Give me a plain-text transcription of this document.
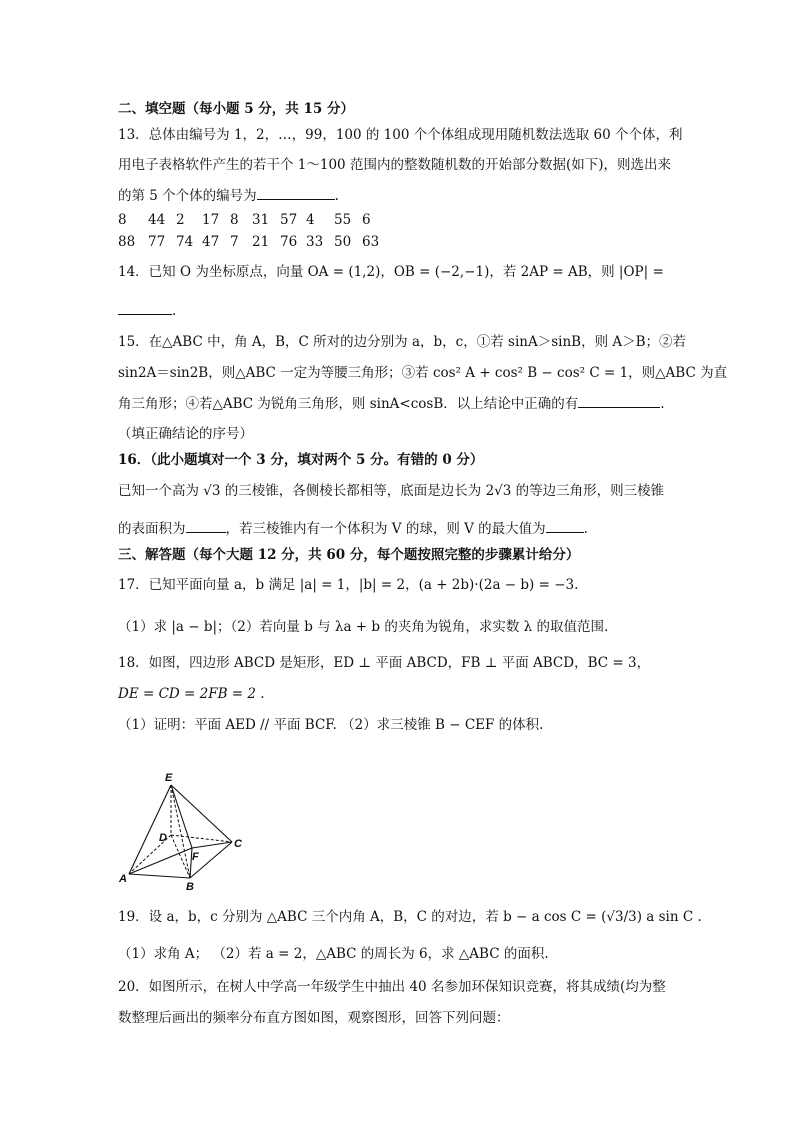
二、填空题（每小题 5 分，共 15 分）
13．总体由编号为 1，2，…，99，100 的 100 个个体组成现用随机数法选取 60 个个体，利
用电子表格软件产生的若干个 1～100 范围内的整数随机数的开始部分数据(如下)，则选出来
的第 5 个个体的编号为	.
8 44 2 17 8 31 57 4 55 6
88 77 74 47 7 21 76 33 50 63
14．已知 O 为坐标原点，向量 OA = (1,2)，OB = (−2,−1)，若 2AP = AB，则 |OP| =
.
15．在△ABC 中，角 A，B，C 所对的边分别为 a，b，c，①若 sinA＞sinB，则 A＞B；②若
sin2A＝sin2B，则△ABC 一定为等腰三角形；③若 cos² A + cos² B − cos² C = 1，则△ABC 为直
角三角形；④若△ABC 为锐角三角形，则 sinA<cosB．以上结论中正确的有	.
（填正确结论的序号）
16．（此小题填对一个 3 分，填对两个 5 分。有错的 0 分）
已知一个高为 √3 的三棱锥，各侧棱长都相等，底面是边长为 2√3 的等边三角形，则三棱锥
的表面积为	，若三棱锥内有一个体积为 V 的球，则 V 的最大值为	.
三、解答题（每个大题 12 分，共 60 分，每个题按照完整的步骤累计给分）
17．已知平面向量 a，b 满足 |a| = 1，|b| = 2，(a + 2b)·(2a − b) = −3.
（1）求 |a − b|；（2）若向量 b 与 λa + b 的夹角为锐角，求实数 λ 的取值范围.
18．如图，四边形 ABCD 是矩形，ED ⊥ 平面 ABCD，FB ⊥ 平面 ABCD，BC = 3，
DE = CD = 2FB = 2 .
（1）证明：平面 AED // 平面 BCF. （2）求三棱锥 B − CEF 的体积.
E
D
F
C
A
B
19．设 a，b，c 分别为 △ABC 三个内角 A，B，C 的对边，若 b − a cos C = (√3/3) a sin C .
（1）求角 A； （2）若 a = 2，△ABC 的周长为 6，求 △ABC 的面积.
20．如图所示，在树人中学高一年级学生中抽出 40 名参加环保知识竞赛，将其成绩(均为整
数整理后画出的频率分布直方图如图，观察图形，回答下列问题：
